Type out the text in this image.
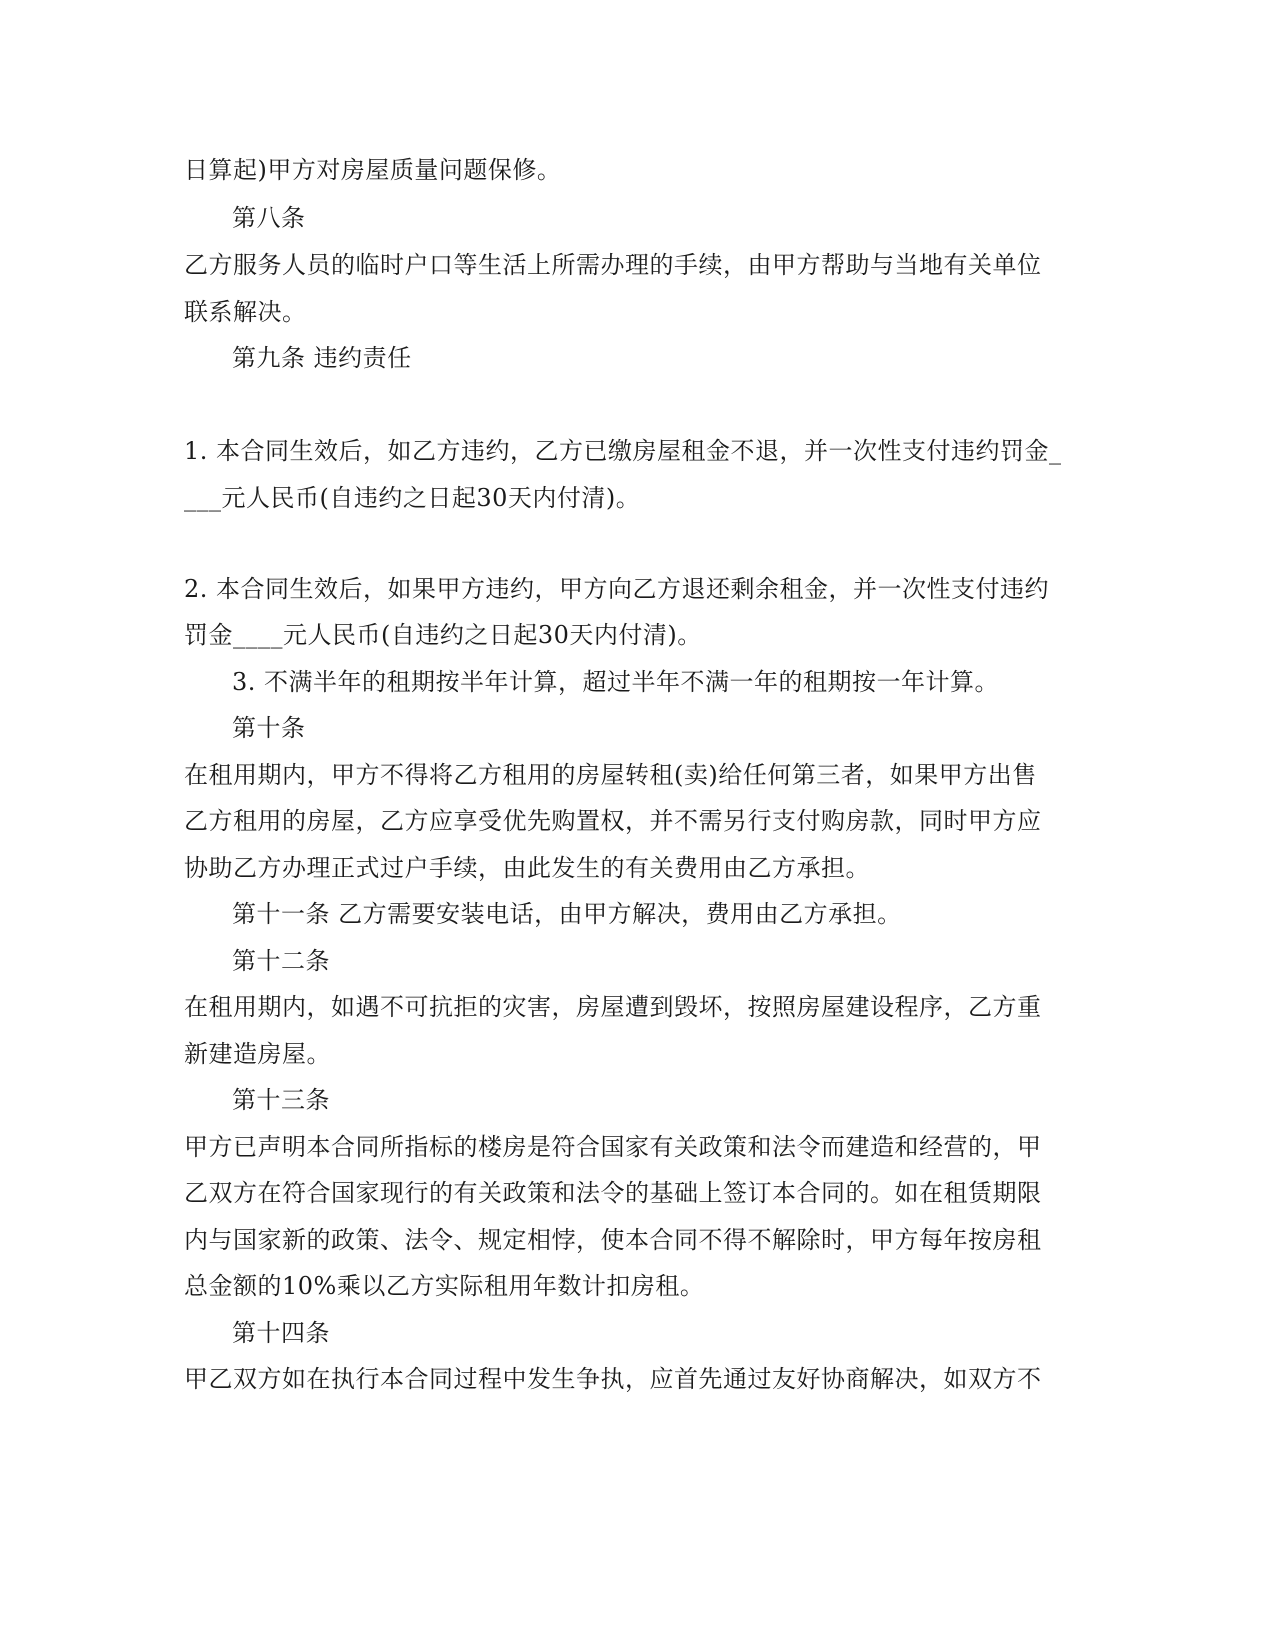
日算起)甲方对房屋质量问题保修。
第八条
乙方服务人员的临时户口等生活上所需办理的手续，由甲方帮助与当地有关单位
联系解决。
第九条 违约责任
1. 本合同生效后，如乙方违约，乙方已缴房屋租金不退，并一次性支付违约罚金_
___元人民币(自违约之日起30天内付清)。
2. 本合同生效后，如果甲方违约，甲方向乙方退还剩余租金，并一次性支付违约
罚金____元人民币(自违约之日起30天内付清)。
3. 不满半年的租期按半年计算，超过半年不满一年的租期按一年计算。
第十条
在租用期内，甲方不得将乙方租用的房屋转租(卖)给任何第三者，如果甲方出售
乙方租用的房屋，乙方应享受优先购置权，并不需另行支付购房款，同时甲方应
协助乙方办理正式过户手续，由此发生的有关费用由乙方承担。
第十一条 乙方需要安装电话，由甲方解决，费用由乙方承担。
第十二条
在租用期内，如遇不可抗拒的灾害，房屋遭到毁坏，按照房屋建设程序，乙方重
新建造房屋。
第十三条
甲方已声明本合同所指标的楼房是符合国家有关政策和法令而建造和经营的，甲
乙双方在符合国家现行的有关政策和法令的基础上签订本合同的。如在租赁期限
内与国家新的政策、法令、规定相悖，使本合同不得不解除时，甲方每年按房租
总金额的10%乘以乙方实际租用年数计扣房租。
第十四条
甲乙双方如在执行本合同过程中发生争执，应首先通过友好协商解决，如双方不
